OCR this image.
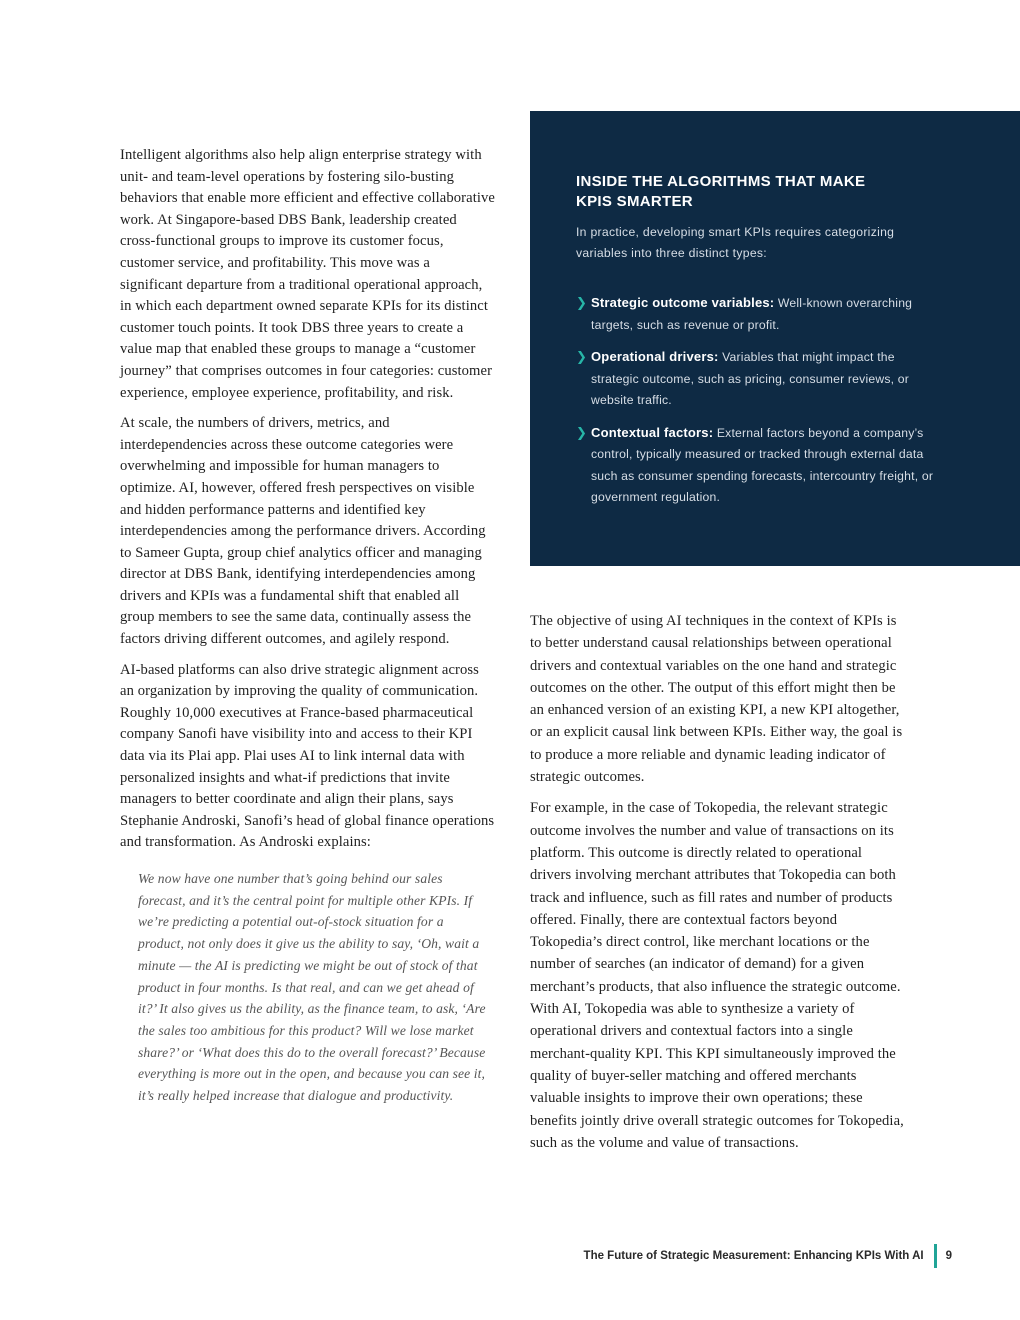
Intelligent algorithms also help align enterprise strategy with unit- and team-level operations by fostering silo-busting behaviors that enable more efficient and effective collaborative work. At Singapore-based DBS Bank, leadership created cross-functional groups to improve its customer focus, customer service, and profitability. This move was a significant departure from a traditional operational approach, in which each department owned separate KPIs for its distinct customer touch points. It took DBS three years to create a value map that enabled these groups to manage a “customer journey” that comprises outcomes in four categories: customer experience, employee experience, profitability, and risk.

At scale, the numbers of drivers, metrics, and interdependencies across these outcome categories were overwhelming and impossible for human managers to optimize. AI, however, offered fresh perspectives on visible and hidden performance patterns and identified key interdependencies among the performance drivers. According to Sameer Gupta, group chief analytics officer and managing director at DBS Bank, identifying interdependencies among drivers and KPIs was a fundamental shift that enabled all group members to see the same data, continually assess the factors driving different outcomes, and agilely respond.

AI-based platforms can also drive strategic alignment across an organization by improving the quality of communication. Roughly 10,000 executives at France-based pharmaceutical company Sanofi have visibility into and access to their KPI data via its Plai app. Plai uses AI to link internal data with personalized insights and what-if predictions that invite managers to better coordinate and align their plans, says Stephanie Androski, Sanofi’s head of global finance operations and transformation. As Androski explains:

We now have one number that’s going behind our sales forecast, and it’s the central point for multiple other KPIs. If we’re predicting a potential out-of-stock situation for a product, not only does it give us the ability to say, ‘Oh, wait a minute — the AI is predicting we might be out of stock of that product in four months. Is that real, and can we get ahead of it?’ It also gives us the ability, as the finance team, to ask, ‘Are the sales too ambitious for this product? Will we lose market share?’ or ‘What does this do to the overall forecast?’ Because everything is more out in the open, and because you can see it, it’s really helped increase that dialogue and productivity.
INSIDE THE ALGORITHMS THAT MAKE KPIS SMARTER
In practice, developing smart KPIs requires categorizing variables into three distinct types:
❯ Strategic outcome variables: Well-known overarching targets, such as revenue or profit.
❯ Operational drivers: Variables that might impact the strategic outcome, such as pricing, consumer reviews, or website traffic.
❯ Contextual factors: External factors beyond a company’s control, typically measured or tracked through external data such as consumer spending forecasts, intercountry freight, or government regulation.

The objective of using AI techniques in the context of KPIs is to better understand causal relationships between operational drivers and contextual variables on the one hand and strategic outcomes on the other. The output of this effort might then be an enhanced version of an existing KPI, a new KPI altogether, or an explicit causal link between KPIs. Either way, the goal is to produce a more reliable and dynamic leading indicator of strategic outcomes.

For example, in the case of Tokopedia, the relevant strategic outcome involves the number and value of transactions on its platform. This outcome is directly related to operational drivers involving merchant attributes that Tokopedia can both track and influence, such as fill rates and number of products offered. Finally, there are contextual factors beyond Tokopedia’s direct control, like merchant locations or the number of searches (an indicator of demand) for a given merchant’s products, that also influence the strategic outcome. With AI, Tokopedia was able to synthesize a variety of operational drivers and contextual factors into a single merchant-quality KPI. This KPI simultaneously improved the quality of buyer-seller matching and offered merchants valuable insights to improve their own operations; these benefits jointly drive overall strategic outcomes for Tokopedia, such as the volume and value of transactions.

The Future of Strategic Measurement: Enhancing KPIs With AI 9
